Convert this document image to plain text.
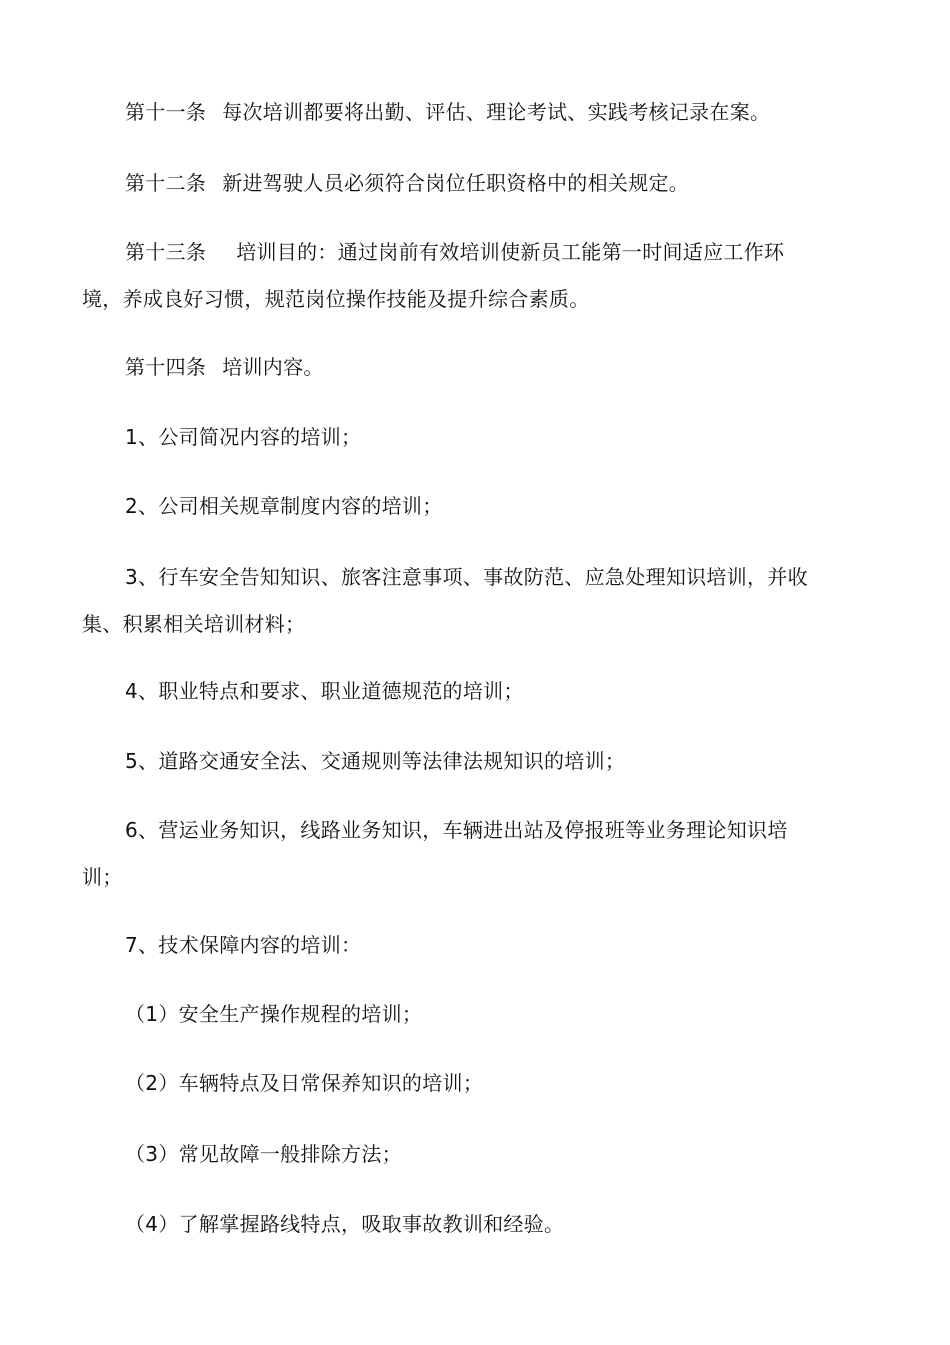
第十一条 每次培训都要将出勤、评估、理论考试、实践考核记录在案。

第十二条 新进驾驶人员必须符合岗位任职资格中的相关规定。

第十三条 培训目的：通过岗前有效培训使新员工能第一时间适应工作环境，养成良好习惯，规范岗位操作技能及提升综合素质。

第十四条 培训内容。

1、公司简况内容的培训；

2、公司相关规章制度内容的培训；

3、行车安全告知知识、旅客注意事项、事故防范、应急处理知识培训，并收集、积累相关培训材料；

4、职业特点和要求、职业道德规范的培训；

5、道路交通安全法、交通规则等法律法规知识的培训；

6、营运业务知识，线路业务知识，车辆进出站及停报班等业务理论知识培训；

7、技术保障内容的培训：

（1）安全生产操作规程的培训；

（2）车辆特点及日常保养知识的培训；

（3）常见故障一般排除方法；

（4）了解掌握路线特点，吸取事故教训和经验。
